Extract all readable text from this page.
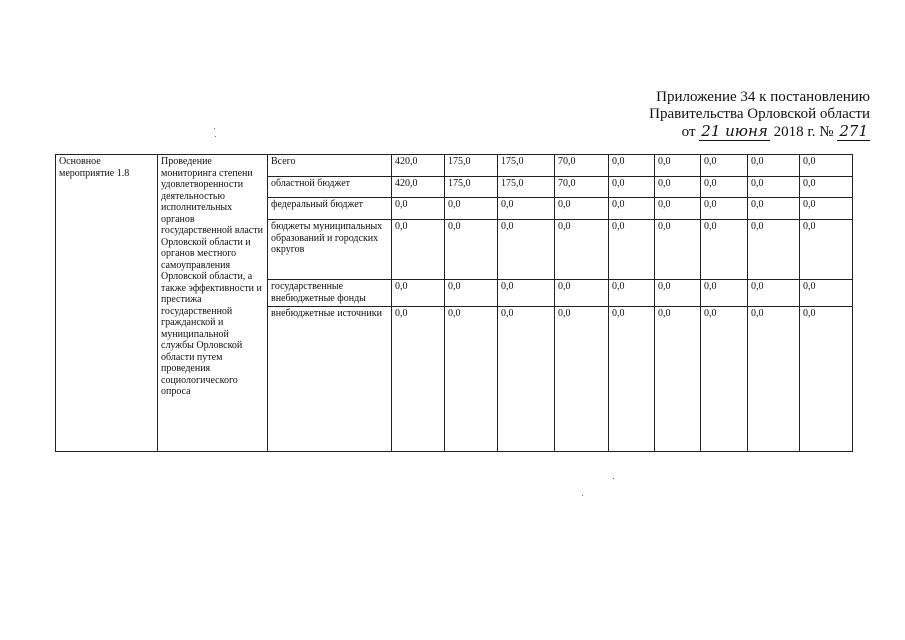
Приложение 34 к постановлению
Правительства Орловской области
от 21 июня 2018 г. № 271
Основное мероприятие 1.8	Проведение мониторинга степени удовлетворенности деятельностью исполнительных органов государственной власти Орловской области и органов местного самоуправления Орловской области, а также эффективности и престижа государственной гражданской и муниципальной службы Орловской области путем проведения социологического опроса	Всего	420,0	175,0	175,0	70,0	0,0	0,0	0,0	0,0	0,0
		областной бюджет	420,0	175,0	175,0	70,0	0,0	0,0	0,0	0,0	0,0
		федеральный бюджет	0,0	0,0	0,0	0,0	0,0	0,0	0,0	0,0	0,0
		бюджеты муниципальных образований и городских округов	0,0	0,0	0,0	0,0	0,0	0,0	0,0	0,0	0,0
		государственные внебюджетные фонды	0,0	0,0	0,0	0,0	0,0	0,0	0,0	0,0	0,0
		внебюджетные источники	0,0	0,0	0,0	0,0	0,0	0,0	0,0	0,0	0,0
